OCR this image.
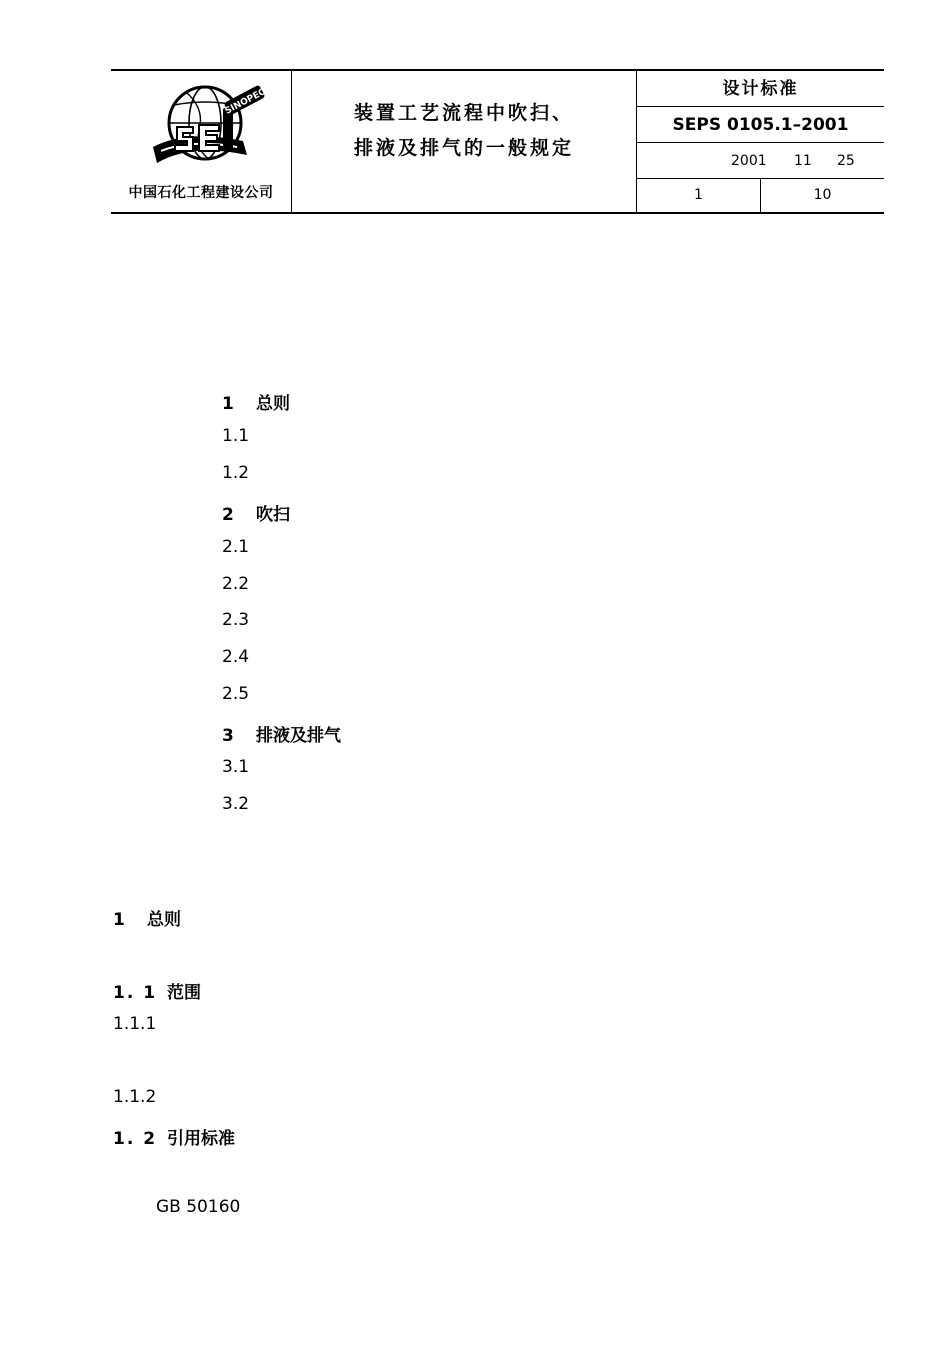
SINOPEC
中国石化工程建设公司
装置工艺流程中吹扫、
排液及排气的一般规定
设计标准
SEPS 0105.1–2001
2001 11 25
1	10
1 总则
1.1
1.2
2 吹扫
2.1
2.2
2.3
2.4
2.5
3 排液及排气
3.1
3.2
1 总则
1. 1 范围
1.1.1
1.1.2
1. 2 引用标准
GB 50160
